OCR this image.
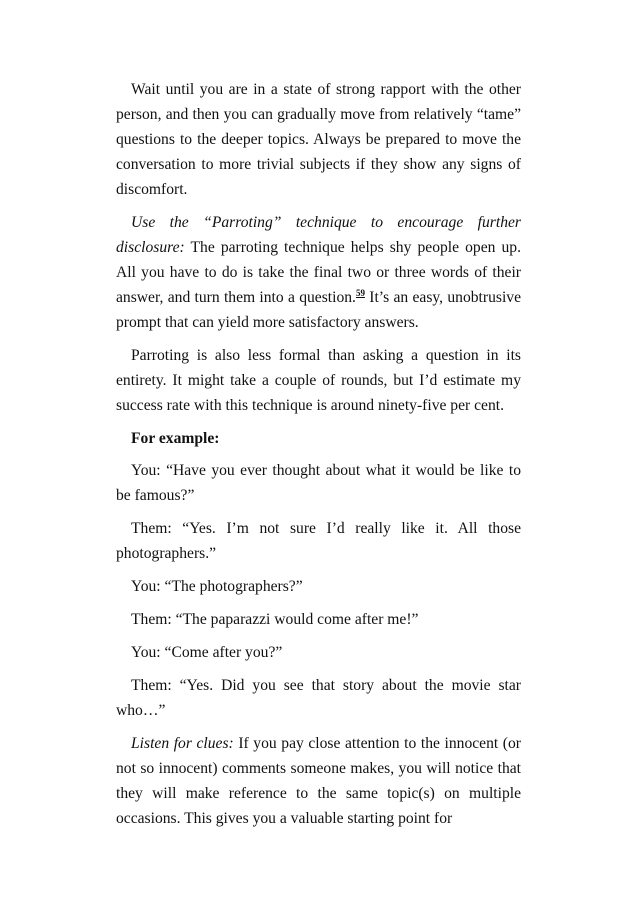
Wait until you are in a state of strong rapport with the other person, and then you can gradually move from relatively “tame” questions to the deeper topics. Always be prepared to move the conversation to more trivial subjects if they show any signs of discomfort.

Use the “Parroting” technique to encourage further disclosure: The parroting technique helps shy people open up. All you have to do is take the final two or three words of their answer, and turn them into a question.$^{59}$ It’s an easy, unobtrusive prompt that can yield more satisfactory answers.

Parroting is also less formal than asking a question in its entirety. It might take a couple of rounds, but I’d estimate my success rate with this technique is around ninety-five per cent.

For example:

You: “Have you ever thought about what it would be like to be famous?”

Them: “Yes. I’m not sure I’d really like it. All those photographers.”

You: “The photographers?”

Them: “The paparazzi would come after me!”

You: “Come after you?”

Them: “Yes. Did you see that story about the movie star who…”

Listen for clues: If you pay close attention to the innocent (or not so innocent) comments someone makes, you will notice that they will make reference to the same topic(s) on multiple occasions. This gives you a valuable starting point for
